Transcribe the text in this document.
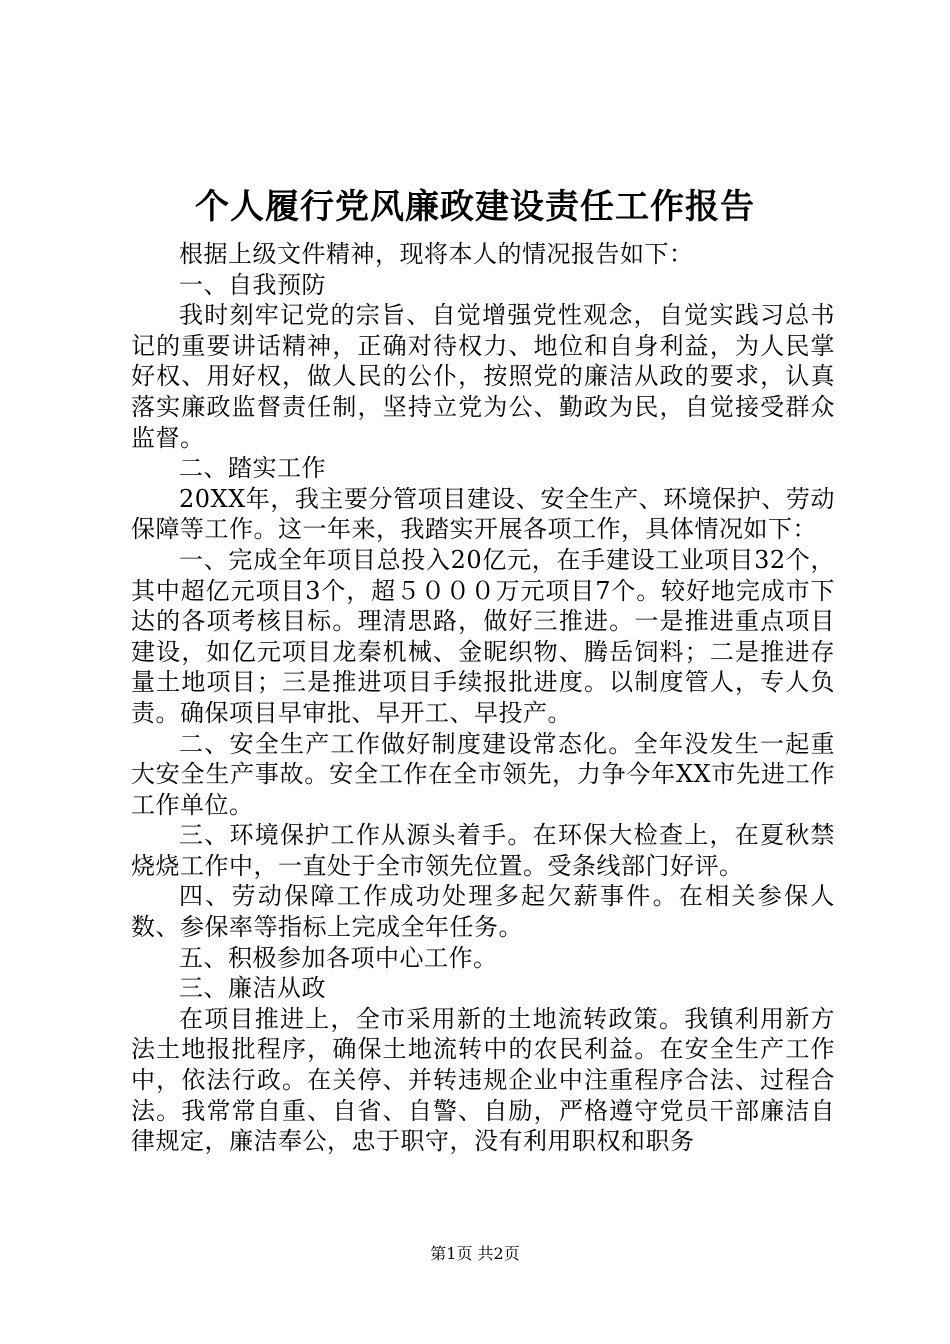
个人履行党风廉政建设责任工作报告

根据上级文件精神，现将本人的情况报告如下：

一、自我预防

我时刻牢记党的宗旨、自觉增强党性观念，自觉实践习总书记的重要讲话精神，正确对待权力、地位和自身利益，为人民掌好权、用好权，做人民的公仆，按照党的廉洁从政的要求，认真落实廉政监督责任制，坚持立党为公、勤政为民，自觉接受群众监督。

二、踏实工作

20XX年，我主要分管项目建设、安全生产、环境保护、劳动保障等工作。这一年来，我踏实开展各项工作，具体情况如下：

一、完成全年项目总投入20亿元，在手建设工业项目32个，其中超亿元项目3个，超５０００万元项目7个。较好地完成市下达的各项考核目标。理清思路，做好三推进。一是推进重点项目建设，如亿元项目龙秦机械、金昵织物、腾岳饲料；二是推进存量土地项目；三是推进项目手续报批进度。以制度管人，专人负责。确保项目早审批、早开工、早投产。

二、安全生产工作做好制度建设常态化。全年没发生一起重大安全生产事故。安全工作在全市领先，力争今年XX市先进工作工作单位。

三、环境保护工作从源头着手。在环保大检查上，在夏秋禁烧烧工作中，一直处于全市领先位置。受条线部门好评。

四、劳动保障工作成功处理多起欠薪事件。在相关参保人数、参保率等指标上完成全年任务。

五、积极参加各项中心工作。

三、廉洁从政

在项目推进上，全市采用新的土地流转政策。我镇利用新方法土地报批程序，确保土地流转中的农民利益。在安全生产工作中，依法行政。在关停、并转违规企业中注重程序合法、过程合法。我常常自重、自省、自警、自励，严格遵守党员干部廉洁自律规定，廉洁奉公，忠于职守，没有利用职权和职务

第1页 共2页
